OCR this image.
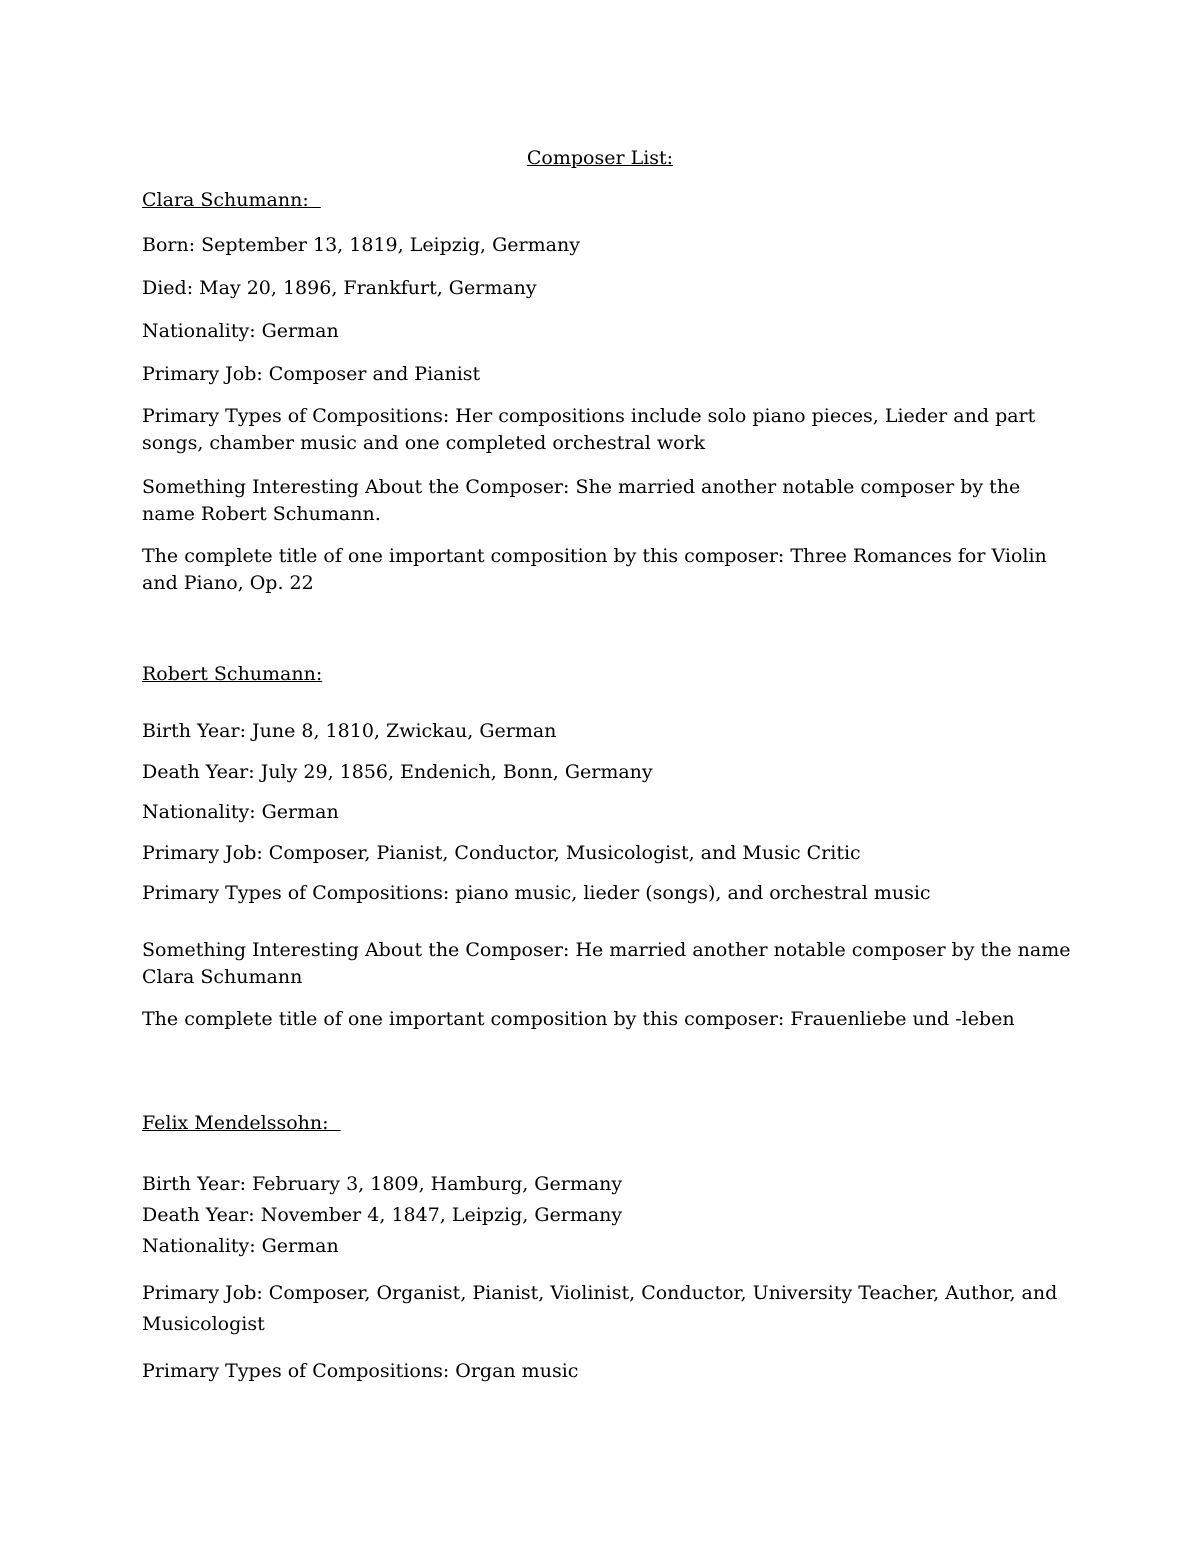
Composer List:
Clara Schumann:
Born: September 13, 1819, Leipzig, Germany
Died: May 20, 1896, Frankfurt, Germany
Nationality: German
Primary Job: Composer and Pianist
Primary Types of Compositions: Her compositions include solo piano pieces, Lieder and part songs, chamber music and one completed orchestral work
Something Interesting About the Composer: She married another notable composer by the name Robert Schumann.
The complete title of one important composition by this composer: Three Romances for Violin and Piano, Op. 22
Robert Schumann:
Birth Year: June 8, 1810, Zwickau, German
Death Year: July 29, 1856, Endenich, Bonn, Germany
Nationality: German
Primary Job: Composer, Pianist, Conductor, Musicologist, and Music Critic
Primary Types of Compositions: piano music, lieder (songs), and orchestral music
Something Interesting About the Composer: He married another notable composer by the name Clara Schumann
The complete title of one important composition by this composer: Frauenliebe und -leben
Felix Mendelssohn:
Birth Year: February 3, 1809, Hamburg, Germany
Death Year: November 4, 1847, Leipzig, Germany
Nationality: German
Primary Job: Composer, Organist, Pianist, Violinist, Conductor, University Teacher, Author, and Musicologist
Primary Types of Compositions: Organ music
